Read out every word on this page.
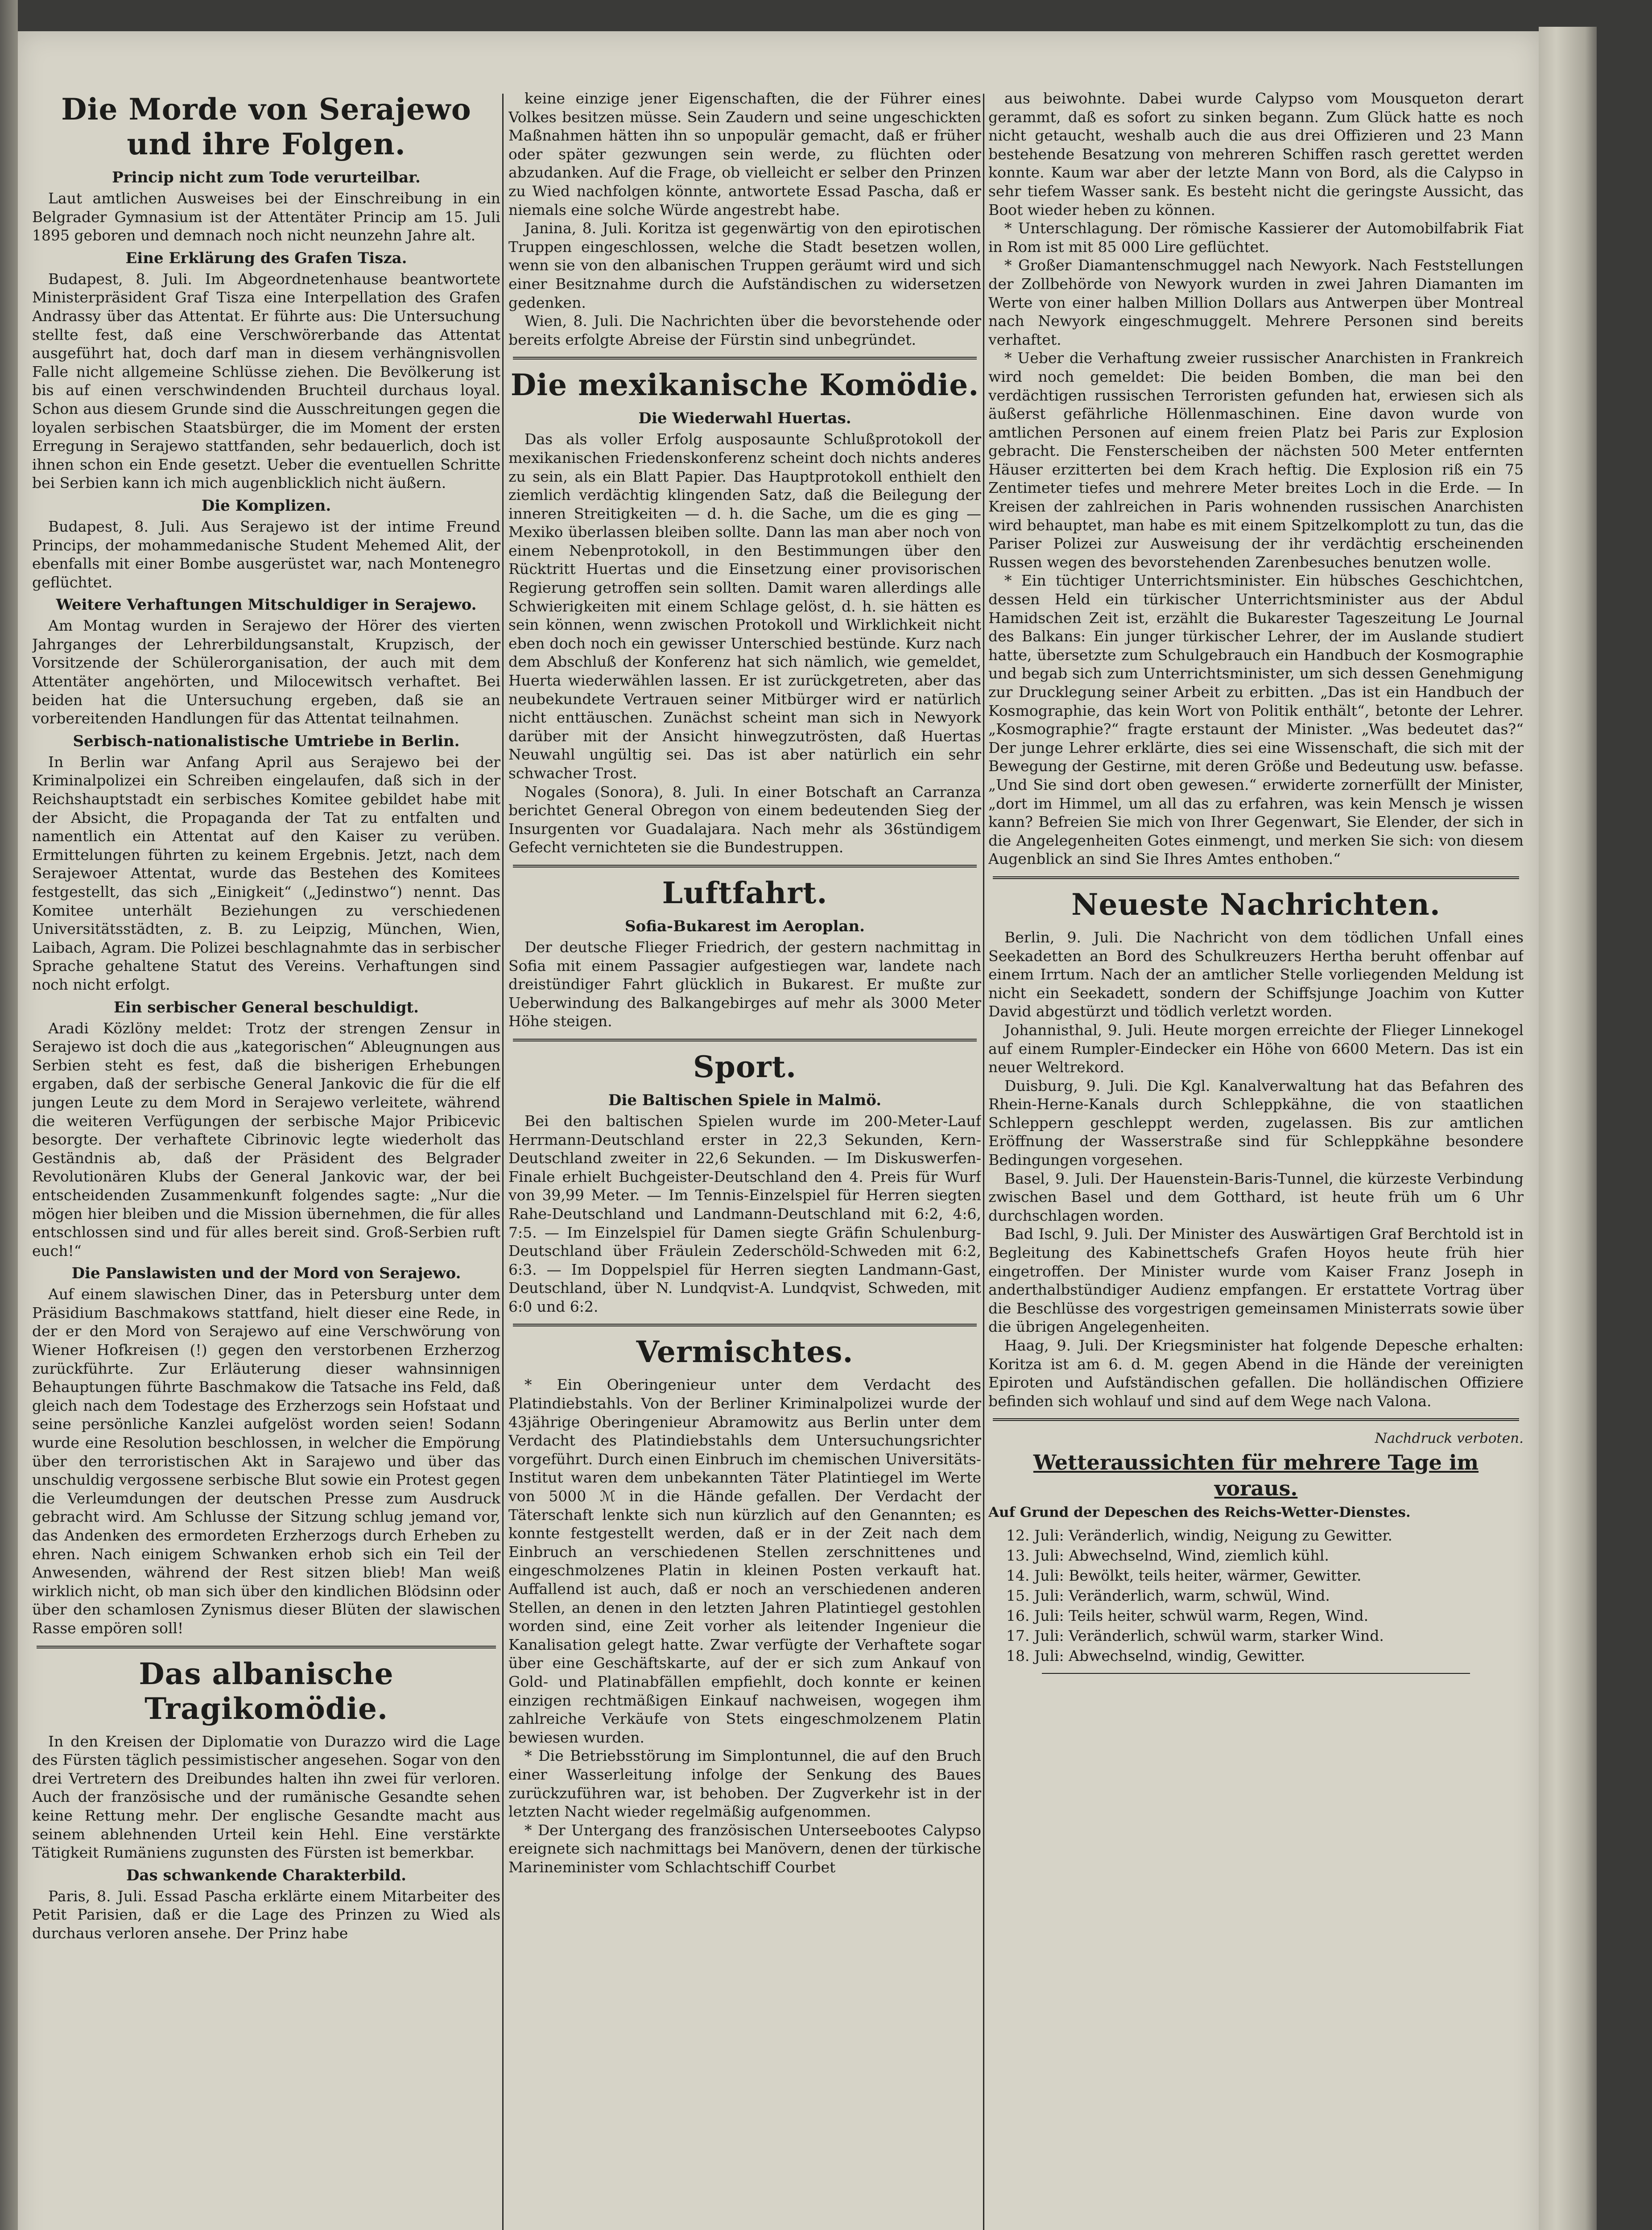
Die Morde von Serajewo und ihre Folgen.
Princip nicht zum Tode verurteilbar.

Laut amtlichen Ausweises bei der Einschreibung in ein Belgrader Gymnasium ist der Attentäter Princip am 15. Juli 1895 geboren und demnach noch nicht neunzehn Jahre alt.

Eine Erklärung des Grafen Tisza.

Budapest, 8. Juli. Im Abgeordnetenhause beantwortete Ministerpräsident Graf Tisza eine Interpellation des Grafen Andrassy über das Attentat. Er führte aus: Die Untersuchung stellte fest, daß eine Verschwörerbande das Attentat ausgeführt hat, doch darf man in diesem verhängnisvollen Falle nicht allgemeine Schlüsse ziehen. Die Bevölkerung ist bis auf einen verschwindenden Bruchteil durchaus loyal. Schon aus diesem Grunde sind die Ausschreitungen gegen die loyalen serbischen Staatsbürger, die im Moment der ersten Erregung in Serajewo stattfanden, sehr bedauerlich, doch ist ihnen schon ein Ende gesetzt. Ueber die eventuellen Schritte bei Serbien kann ich mich augenblicklich nicht äußern.

Die Komplizen.

Budapest, 8. Juli. Aus Serajewo ist der intime Freund Princips, der mohammedanische Student Mehemed Alit, der ebenfalls mit einer Bombe ausgerüstet war, nach Montenegro geflüchtet.

Weitere Verhaftungen Mitschuldiger in Serajewo.

Am Montag wurden in Serajewo der Hörer des vierten Jahrganges der Lehrerbildungsanstalt, Krupzisch, der Vorsitzende der Schülerorganisation, der auch mit dem Attentäter angehörten, und Milocewitsch verhaftet. Bei beiden hat die Untersuchung ergeben, daß sie an vorbereitenden Handlungen für das Attentat teilnahmen.

Serbisch-nationalistische Umtriebe in Berlin.

In Berlin war Anfang April aus Serajewo bei der Kriminalpolizei ein Schreiben eingelaufen, daß sich in der Reichshauptstadt ein serbisches Komitee gebildet habe mit der Absicht, die Propaganda der Tat zu entfalten und namentlich ein Attentat auf den Kaiser zu verüben. Ermittelungen führten zu keinem Ergebnis. Jetzt, nach dem Serajewoer Attentat, wurde das Bestehen des Komitees festgestellt, das sich „Einigkeit“ („Jedinstwo“) nennt. Das Komitee unterhält Beziehungen zu verschiedenen Universitätsstädten, z. B. zu Leipzig, München, Wien, Laibach, Agram. Die Polizei beschlagnahmte das in serbischer Sprache gehaltene Statut des Vereins. Verhaftungen sind noch nicht erfolgt.

Ein serbischer General beschuldigt.

Aradi Közlöny meldet: Trotz der strengen Zensur in Serajewo ist doch die aus „kategorischen“ Ableugnungen aus Serbien steht es fest, daß die bisherigen Erhebungen ergaben, daß der serbische General Jankovic die für die elf jungen Leute zu dem Mord in Serajewo verleitete, während die weiteren Verfügungen der serbische Major Pribicevic besorgte. Der verhaftete Cibrinovic legte wiederholt das Geständnis ab, daß der Präsident des Belgrader Revolutionären Klubs der General Jankovic war, der bei entscheidenden Zusammenkunft folgendes sagte: „Nur die mögen hier bleiben und die Mission übernehmen, die für alles entschlossen sind und für alles bereit sind. Groß-Serbien ruft euch!“

Die Panslawisten und der Mord von Serajewo.

Auf einem slawischen Diner, das in Petersburg unter dem Präsidium Baschmakows stattfand, hielt dieser eine Rede, in der er den Mord von Serajewo auf eine Verschwörung von Wiener Hofkreisen (!) gegen den verstorbenen Erzherzog zurückführte. Zur Erläuterung dieser wahnsinnigen Behauptungen führte Baschmakow die Tatsache ins Feld, daß gleich nach dem Todestage des Erzherzogs sein Hofstaat und seine persönliche Kanzlei aufgelöst worden seien! Sodann wurde eine Resolution beschlossen, in welcher die Empörung über den terroristischen Akt in Sarajewo und über das unschuldig vergossene serbische Blut sowie ein Protest gegen die Verleumdungen der deutschen Presse zum Ausdruck gebracht wird. Am Schlusse der Sitzung schlug jemand vor, das Andenken des ermordeten Erzherzogs durch Erheben zu ehren. Nach einigem Schwanken erhob sich ein Teil der Anwesenden, während der Rest sitzen blieb! Man weiß wirklich nicht, ob man sich über den kindlichen Blödsinn oder über den schamlosen Zynismus dieser Blüten der slawischen Rasse empören soll!

Das albanische Tragikomödie.

In den Kreisen der Diplomatie von Durazzo wird die Lage des Fürsten täglich pessimistischer angesehen. Sogar von den drei Vertretern des Dreibundes halten ihn zwei für verloren. Auch der französische und der rumänische Gesandte sehen keine Rettung mehr. Der englische Gesandte macht aus seinem ablehnenden Urteil kein Hehl. Eine verstärkte Tätigkeit Rumäniens zugunsten des Fürsten ist bemerkbar.

Das schwankende Charakterbild.

Paris, 8. Juli. Essad Pascha erklärte einem Mitarbeiter des Petit Parisien, daß er die Lage des Prinzen zu Wied als durchaus verloren ansehe. Der Prinz habe

keine einzige jener Eigenschaften, die der Führer eines Volkes besitzen müsse. Sein Zaudern und seine ungeschickten Maßnahmen hätten ihn so unpopulär gemacht, daß er früher oder später gezwungen sein werde, zu flüchten oder abzudanken. Auf die Frage, ob vielleicht er selber den Prinzen zu Wied nachfolgen könnte, antwortete Essad Pascha, daß er niemals eine solche Würde angestrebt habe.

Janina, 8. Juli. Koritza ist gegenwärtig von den epirotischen Truppen eingeschlossen, welche die Stadt besetzen wollen, wenn sie von den albanischen Truppen geräumt wird und sich einer Besitznahme durch die Aufständischen zu widersetzen gedenken.

Wien, 8. Juli. Die Nachrichten über die bevorstehende oder bereits erfolgte Abreise der Fürstin sind unbegründet.

Die mexikanische Komödie.
Die Wiederwahl Huertas.

Das als voller Erfolg ausposaunte Schlußprotokoll der mexikanischen Friedenskonferenz scheint doch nichts anderes zu sein, als ein Blatt Papier. Das Hauptprotokoll enthielt den ziemlich verdächtig klingenden Satz, daß die Beilegung der inneren Streitigkeiten — d. h. die Sache, um die es ging — Mexiko überlassen bleiben sollte. Dann las man aber noch von einem Nebenprotokoll, in den Bestimmungen über den Rücktritt Huertas und die Einsetzung einer provisorischen Regierung getroffen sein sollten. Damit waren allerdings alle Schwierigkeiten mit einem Schlage gelöst, d. h. sie hätten es sein können, wenn zwischen Protokoll und Wirklichkeit nicht eben doch noch ein gewisser Unterschied bestünde. Kurz nach dem Abschluß der Konferenz hat sich nämlich, wie gemeldet, Huerta wiederwählen lassen. Er ist zurückgetreten, aber das neubekundete Vertrauen seiner Mitbürger wird er natürlich nicht enttäuschen. Zunächst scheint man sich in Newyork darüber mit der Ansicht hinwegzutrösten, daß Huertas Neuwahl ungültig sei. Das ist aber natürlich ein sehr schwacher Trost.

Nogales (Sonora), 8. Juli. In einer Botschaft an Carranza berichtet General Obregon von einem bedeutenden Sieg der Insurgenten vor Guadalajara. Nach mehr als 36stündigem Gefecht vernichteten sie die Bundestruppen.

Luftfahrt.
Sofia-Bukarest im Aeroplan.

Der deutsche Flieger Friedrich, der gestern nachmittag in Sofia mit einem Passagier aufgestiegen war, landete nach dreistündiger Fahrt glücklich in Bukarest. Er mußte zur Ueberwindung des Balkangebirges auf mehr als 3000 Meter Höhe steigen.

Sport.
Die Baltischen Spiele in Malmö.

Bei den baltischen Spielen wurde im 200-Meter-Lauf Herrmann-Deutschland erster in 22,3 Sekunden, Kern-Deutschland zweiter in 22,6 Sekunden. — Im Diskuswerfen-Finale erhielt Buchgeister-Deutschland den 4. Preis für Wurf von 39,99 Meter. — Im Tennis-Einzelspiel für Herren siegten Rahe-Deutschland und Landmann-Deutschland mit 6:2, 4:6, 7:5. — Im Einzelspiel für Damen siegte Gräfin Schulenburg-Deutschland über Fräulein Zederschöld-Schweden mit 6:2, 6:3. — Im Doppelspiel für Herren siegten Landmann-Gast, Deutschland, über N. Lundqvist-A. Lundqvist, Schweden, mit 6:0 und 6:2.

Vermischtes.

* Ein Oberingenieur unter dem Verdacht des Platindiebstahls. Von der Berliner Kriminalpolizei wurde der 43jährige Oberingenieur Abramowitz aus Berlin unter dem Verdacht des Platindiebstahls dem Untersuchungsrichter vorgeführt. Durch einen Einbruch im chemischen Universitäts-Institut waren dem unbekannten Täter Platintiegel im Werte von 5000 ℳ in die Hände gefallen. Der Verdacht der Täterschaft lenkte sich nun kürzlich auf den Genannten; es konnte festgestellt werden, daß er in der Zeit nach dem Einbruch an verschiedenen Stellen zerschnittenes und eingeschmolzenes Platin in kleinen Posten verkauft hat. Auffallend ist auch, daß er noch an verschiedenen anderen Stellen, an denen in den letzten Jahren Platintiegel gestohlen worden sind, eine Zeit vorher als leitender Ingenieur die Kanalisation gelegt hatte. Zwar verfügte der Verhaftete sogar über eine Geschäftskarte, auf der er sich zum Ankauf von Gold- und Platinabfällen empfiehlt, doch konnte er keinen einzigen rechtmäßigen Einkauf nachweisen, wogegen ihm zahlreiche Verkäufe von Stets eingeschmolzenem Platin bewiesen wurden.

* Die Betriebsstörung im Simplontunnel, die auf den Bruch einer Wasserleitung infolge der Senkung des Baues zurückzuführen war, ist behoben. Der Zugverkehr ist in der letzten Nacht wieder regelmäßig aufgenommen.

* Der Untergang des französischen Unterseebootes Calypso ereignete sich nachmittags bei Manövern, denen der türkische Marineminister vom Schlachtschiff Courbet

aus beiwohnte. Dabei wurde Calypso vom Mousqueton derart gerammt, daß es sofort zu sinken begann. Zum Glück hatte es noch nicht getaucht, weshalb auch die aus drei Offizieren und 23 Mann bestehende Besatzung von mehreren Schiffen rasch gerettet werden konnte. Kaum war aber der letzte Mann von Bord, als die Calypso in sehr tiefem Wasser sank. Es besteht nicht die geringste Aussicht, das Boot wieder heben zu können.

* Unterschlagung. Der römische Kassierer der Automobilfabrik Fiat in Rom ist mit 85 000 Lire geflüchtet.

* Großer Diamantenschmuggel nach Newyork. Nach Feststellungen der Zollbehörde von Newyork wurden in zwei Jahren Diamanten im Werte von einer halben Million Dollars aus Antwerpen über Montreal nach Newyork eingeschmuggelt. Mehrere Personen sind bereits verhaftet.

* Ueber die Verhaftung zweier russischer Anarchisten in Frankreich wird noch gemeldet: Die beiden Bomben, die man bei den verdächtigen russischen Terroristen gefunden hat, erwiesen sich als äußerst gefährliche Höllenmaschinen. Eine davon wurde von amtlichen Personen auf einem freien Platz bei Paris zur Explosion gebracht. Die Fensterscheiben der nächsten 500 Meter entfernten Häuser erzitterten bei dem Krach heftig. Die Explosion riß ein 75 Zentimeter tiefes und mehrere Meter breites Loch in die Erde. — In Kreisen der zahlreichen in Paris wohnenden russischen Anarchisten wird behauptet, man habe es mit einem Spitzelkomplott zu tun, das die Pariser Polizei zur Ausweisung der ihr verdächtig erscheinenden Russen wegen des bevorstehenden Zarenbesuches benutzen wolle.

* Ein tüchtiger Unterrichtsminister. Ein hübsches Geschichtchen, dessen Held ein türkischer Unterrichtsminister aus der Abdul Hamidschen Zeit ist, erzählt die Bukarester Tageszeitung Le Journal des Balkans: Ein junger türkischer Lehrer, der im Auslande studiert hatte, übersetzte zum Schulgebrauch ein Handbuch der Kosmographie und begab sich zum Unterrichtsminister, um sich dessen Genehmigung zur Drucklegung seiner Arbeit zu erbitten. „Das ist ein Handbuch der Kosmographie, das kein Wort von Politik enthält“, betonte der Lehrer. „Kosmographie?“ fragte erstaunt der Minister. „Was bedeutet das?“ Der junge Lehrer erklärte, dies sei eine Wissenschaft, die sich mit der Bewegung der Gestirne, mit deren Größe und Bedeutung usw. befasse. „Und Sie sind dort oben gewesen.“ erwiderte zornerfüllt der Minister, „dort im Himmel, um all das zu erfahren, was kein Mensch je wissen kann? Befreien Sie mich von Ihrer Gegenwart, Sie Elender, der sich in die Angelegenheiten Gotes einmengt, und merken Sie sich: von diesem Augenblick an sind Sie Ihres Amtes enthoben.“

Neueste Nachrichten.

Berlin, 9. Juli. Die Nachricht von dem tödlichen Unfall eines Seekadetten an Bord des Schulkreuzers Hertha beruht offenbar auf einem Irrtum. Nach der an amtlicher Stelle vorliegenden Meldung ist nicht ein Seekadett, sondern der Schiffsjunge Joachim von Kutter David abgestürzt und tödlich verletzt worden.

Johannisthal, 9. Juli. Heute morgen erreichte der Flieger Linnekogel auf einem Rumpler-Eindecker ein Höhe von 6600 Metern. Das ist ein neuer Weltrekord.

Duisburg, 9. Juli. Die Kgl. Kanalverwaltung hat das Befahren des Rhein-Herne-Kanals durch Schleppkähne, die von staatlichen Schleppern geschleppt werden, zugelassen. Bis zur amtlichen Eröffnung der Wasserstraße sind für Schleppkähne besondere Bedingungen vorgesehen.

Basel, 9. Juli. Der Hauenstein-Baris-Tunnel, die kürzeste Verbindung zwischen Basel und dem Gotthard, ist heute früh um 6 Uhr durchschlagen worden.

Bad Ischl, 9. Juli. Der Minister des Auswärtigen Graf Berchtold ist in Begleitung des Kabinettschefs Grafen Hoyos heute früh hier eingetroffen. Der Minister wurde vom Kaiser Franz Joseph in anderthalbstündiger Audienz empfangen. Er erstattete Vortrag über die Beschlüsse des vorgestrigen gemeinsamen Ministerrats sowie über die übrigen Angelegenheiten.

Haag, 9. Juli. Der Kriegsminister hat folgende Depesche erhalten: Koritza ist am 6. d. M. gegen Abend in die Hände der vereinigten Epiroten und Aufständischen gefallen. Die holländischen Offiziere befinden sich wohlauf und sind auf dem Wege nach Valona.

Nachdruck verboten.

Wetteraussichten für mehrere Tage im voraus.
Auf Grund der Depeschen des Reichs-Wetter-Dienstes.
12. Juli: Veränderlich, windig, Neigung zu Gewitter.
13. Juli: Abwechselnd, Wind, ziemlich kühl.
14. Juli: Bewölkt, teils heiter, wärmer, Gewitter.
15. Juli: Veränderlich, warm, schwül, Wind.
16. Juli: Teils heiter, schwül warm, Regen, Wind.
17. Juli: Veränderlich, schwül warm, starker Wind.
18. Juli: Abwechselnd, windig, Gewitter.
